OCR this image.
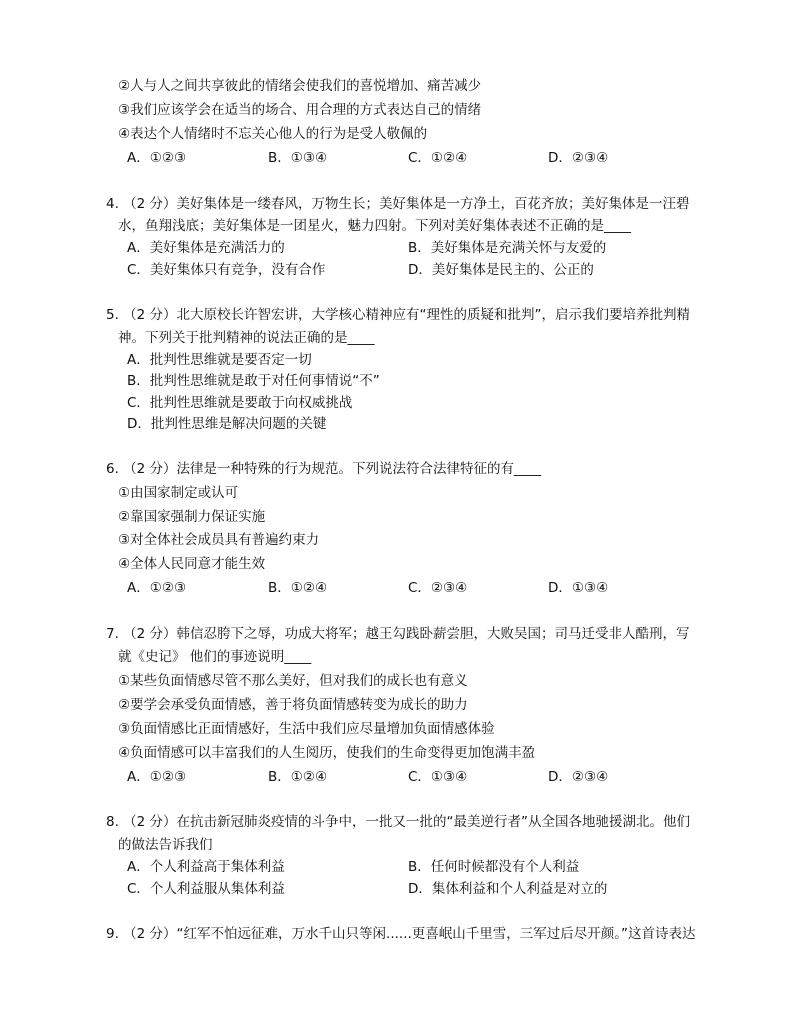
②人与人之间共享彼此的情绪会使我们的喜悦增加、痛苦减少
③我们应该学会在适当的场合、用合理的方式表达自己的情绪
④表达个人情绪时不忘关心他人的行为是受人敬佩的
A．①②③	B．①③④	C．①②④	D．②③④
4. （2 分）美好集体是一缕春风，万物生长；美好集体是一方净土，百花齐放；美好集体是一汪碧
水，鱼翔浅底；美好集体是一团星火，魅力四射。下列对美好集体表述不正确的是____
A．美好集体是充满活力的	B．美好集体是充满关怀与友爱的
C．美好集体只有竞争，没有合作	D．美好集体是民主的、公正的
5. （2 分）北大原校长许智宏讲，大学核心精神应有“理性的质疑和批判”，启示我们要培养批判精
神。下列关于批判精神的说法正确的是____
A．批判性思维就是要否定一切
B．批判性思维就是敢于对任何事情说“不”
C．批判性思维就是要敢于向权威挑战
D．批判性思维是解决问题的关键
6. （2 分）法律是一种特殊的行为规范。下列说法符合法律特征的有____
①由国家制定或认可
②靠国家强制力保证实施
③对全体社会成员具有普遍约束力
④全体人民同意才能生效
A．①②③	B．①②④	C．②③④	D．①③④
7. （2 分）韩信忍胯下之辱，功成大将军；越王勾践卧薪尝胆，大败吴国；司马迁受非人酷刑，写
就《史记》 他们的事迹说明____
①某些负面情感尽管不那么美好，但对我们的成长也有意义
②要学会承受负面情感，善于将负面情感转变为成长的助力
③负面情感比正面情感好，生活中我们应尽量增加负面情感体验
④负面情感可以丰富我们的人生阅历，使我们的生命变得更加饱满丰盈
A．①②③	B．①②④	C．①③④	D．②③④
8. （2 分）在抗击新冠肺炎疫情的斗争中，一批又一批的“最美逆行者”从全国各地驰援湖北。他们
的做法告诉我们
A．个人利益高于集体利益	B．任何时候都没有个人利益
C．个人利益服从集体利益	D．集体利益和个人利益是对立的
9. （2 分）“红军不怕远征难，万水千山只等闲......更喜岷山千里雪，三军过后尽开颜。”这首诗表达
